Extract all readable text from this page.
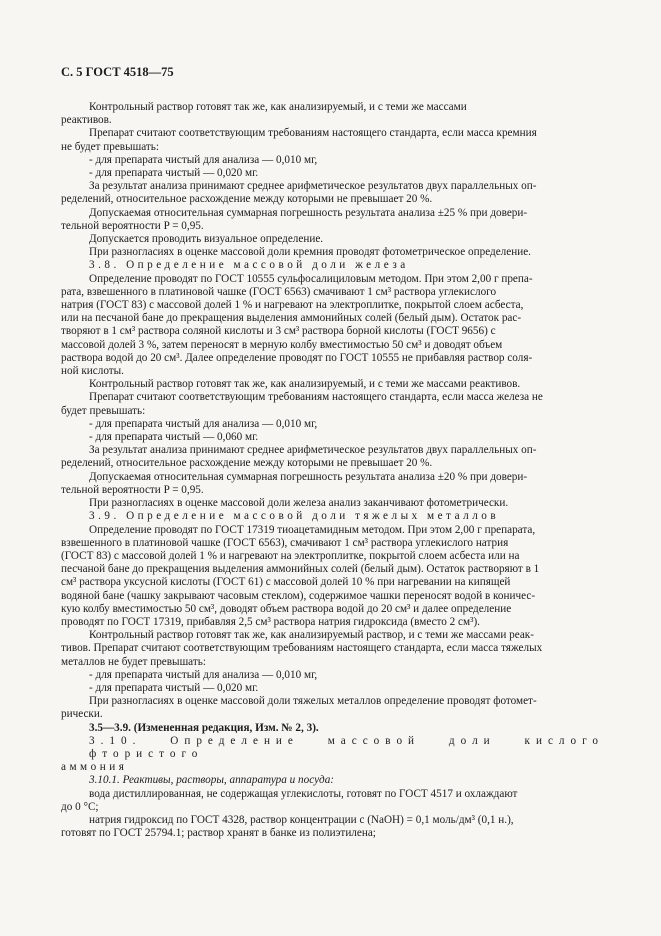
С. 5 ГОСТ 4518—75
Контрольный раствор готовят так же, как анализируемый, и с теми же массами
реактивов.
Препарат считают соответствующим требованиям настоящего стандарта, если масса кремния
не будет превышать:
- для препарата чистый для анализа — 0,010 мг,
- для препарата чистый — 0,020 мг.
За результат анализа принимают среднее арифметическое результатов двух параллельных оп-
ределений, относительное расхождение между которыми не превышает 20 %.
Допускаемая относительная суммарная погрешность результата анализа ±25 % при довери-
тельной вероятности P = 0,95.
Допускается проводить визуальное определение.
При разногласиях в оценке массовой доли кремния проводят фотометрическое определение.
3.8. Определение массовой доли железа
Определение проводят по ГОСТ 10555 сульфосалициловым методом. При этом 2,00 г препа-
рата, взвешенного в платиновой чашке (ГОСТ 6563) смачивают 1 см³ раствора углекислого
натрия (ГОСТ 83) с массовой долей 1 % и нагревают на электроплитке, покрытой слоем асбеста,
или на песчаной бане до прекращения выделения аммонийных солей (белый дым). Остаток рас-
творяют в 1 см³ раствора соляной кислоты и 3 см³ раствора борной кислоты (ГОСТ 9656) с
массовой долей 3 %, затем переносят в мерную колбу вместимостью 50 см³ и доводят объем
раствора водой до 20 см³. Далее определение проводят по ГОСТ 10555 не прибавляя раствор соля-
ной кислоты.
Контрольный раствор готовят так же, как анализируемый, и с теми же массами реактивов.
Препарат считают соответствующим требованиям настоящего стандарта, если масса железа не
будет превышать:
- для препарата чистый для анализа — 0,010 мг,
- для препарата чистый — 0,060 мг.
За результат анализа принимают среднее арифметическое результатов двух параллельных оп-
ределений, относительное расхождение между которыми не превышает 20 %.
Допускаемая относительная суммарная погрешность результата анализа ±20 % при довери-
тельной вероятности P = 0,95.
При разногласиях в оценке массовой доли железа анализ заканчивают фотометрически.
3.9. Определение массовой доли тяжелых металлов
Определение проводят по ГОСТ 17319 тиоацетамидным методом. При этом 2,00 г препарата,
взвешенного в платиновой чашке (ГОСТ 6563), смачивают 1 см³ раствора углекислого натрия
(ГОСТ 83) с массовой долей 1 % и нагревают на электроплитке, покрытой слоем асбеста или на
песчаной бане до прекращения выделения аммонийных солей (белый дым). Остаток растворяют в 1
см³ раствора уксусной кислоты (ГОСТ 61) с массовой долей 10 % при нагревании на кипящей
водяной бане (чашку закрывают часовым стеклом), содержимое чашки переносят водой в коничес-
кую колбу вместимостью 50 см³, доводят объем раствора водой до 20 см³ и далее определение
проводят по ГОСТ 17319, прибавляя 2,5 см³ раствора натрия гидроксида (вместо 2 см³).
Контрольный раствор готовят так же, как анализируемый раствор, и с теми же массами реак-
тивов. Препарат считают соответствующим требованиям настоящего стандарта, если масса тяжелых
металлов не будет превышать:
- для препарата чистый для анализа — 0,010 мг,
- для препарата чистый — 0,020 мг.
При разногласиях в оценке массовой доли тяжелых металлов определение проводят фотомет-
рически.
3.5—3.9. (Измененная редакция, Изм. № 2, 3).
3.10. Определение массовой доли кислого фтористого
аммония
3.10.1. Реактивы, растворы, аппаратура и посуда:
вода дистиллированная, не содержащая углекислоты, готовят по ГОСТ 4517 и охлаждают
до 0 °С;
натрия гидроксид по ГОСТ 4328, раствор концентрации c (NaOH) = 0,1 моль/дм³ (0,1 н.),
готовят по ГОСТ 25794.1; раствор хранят в банке из полиэтилена;
